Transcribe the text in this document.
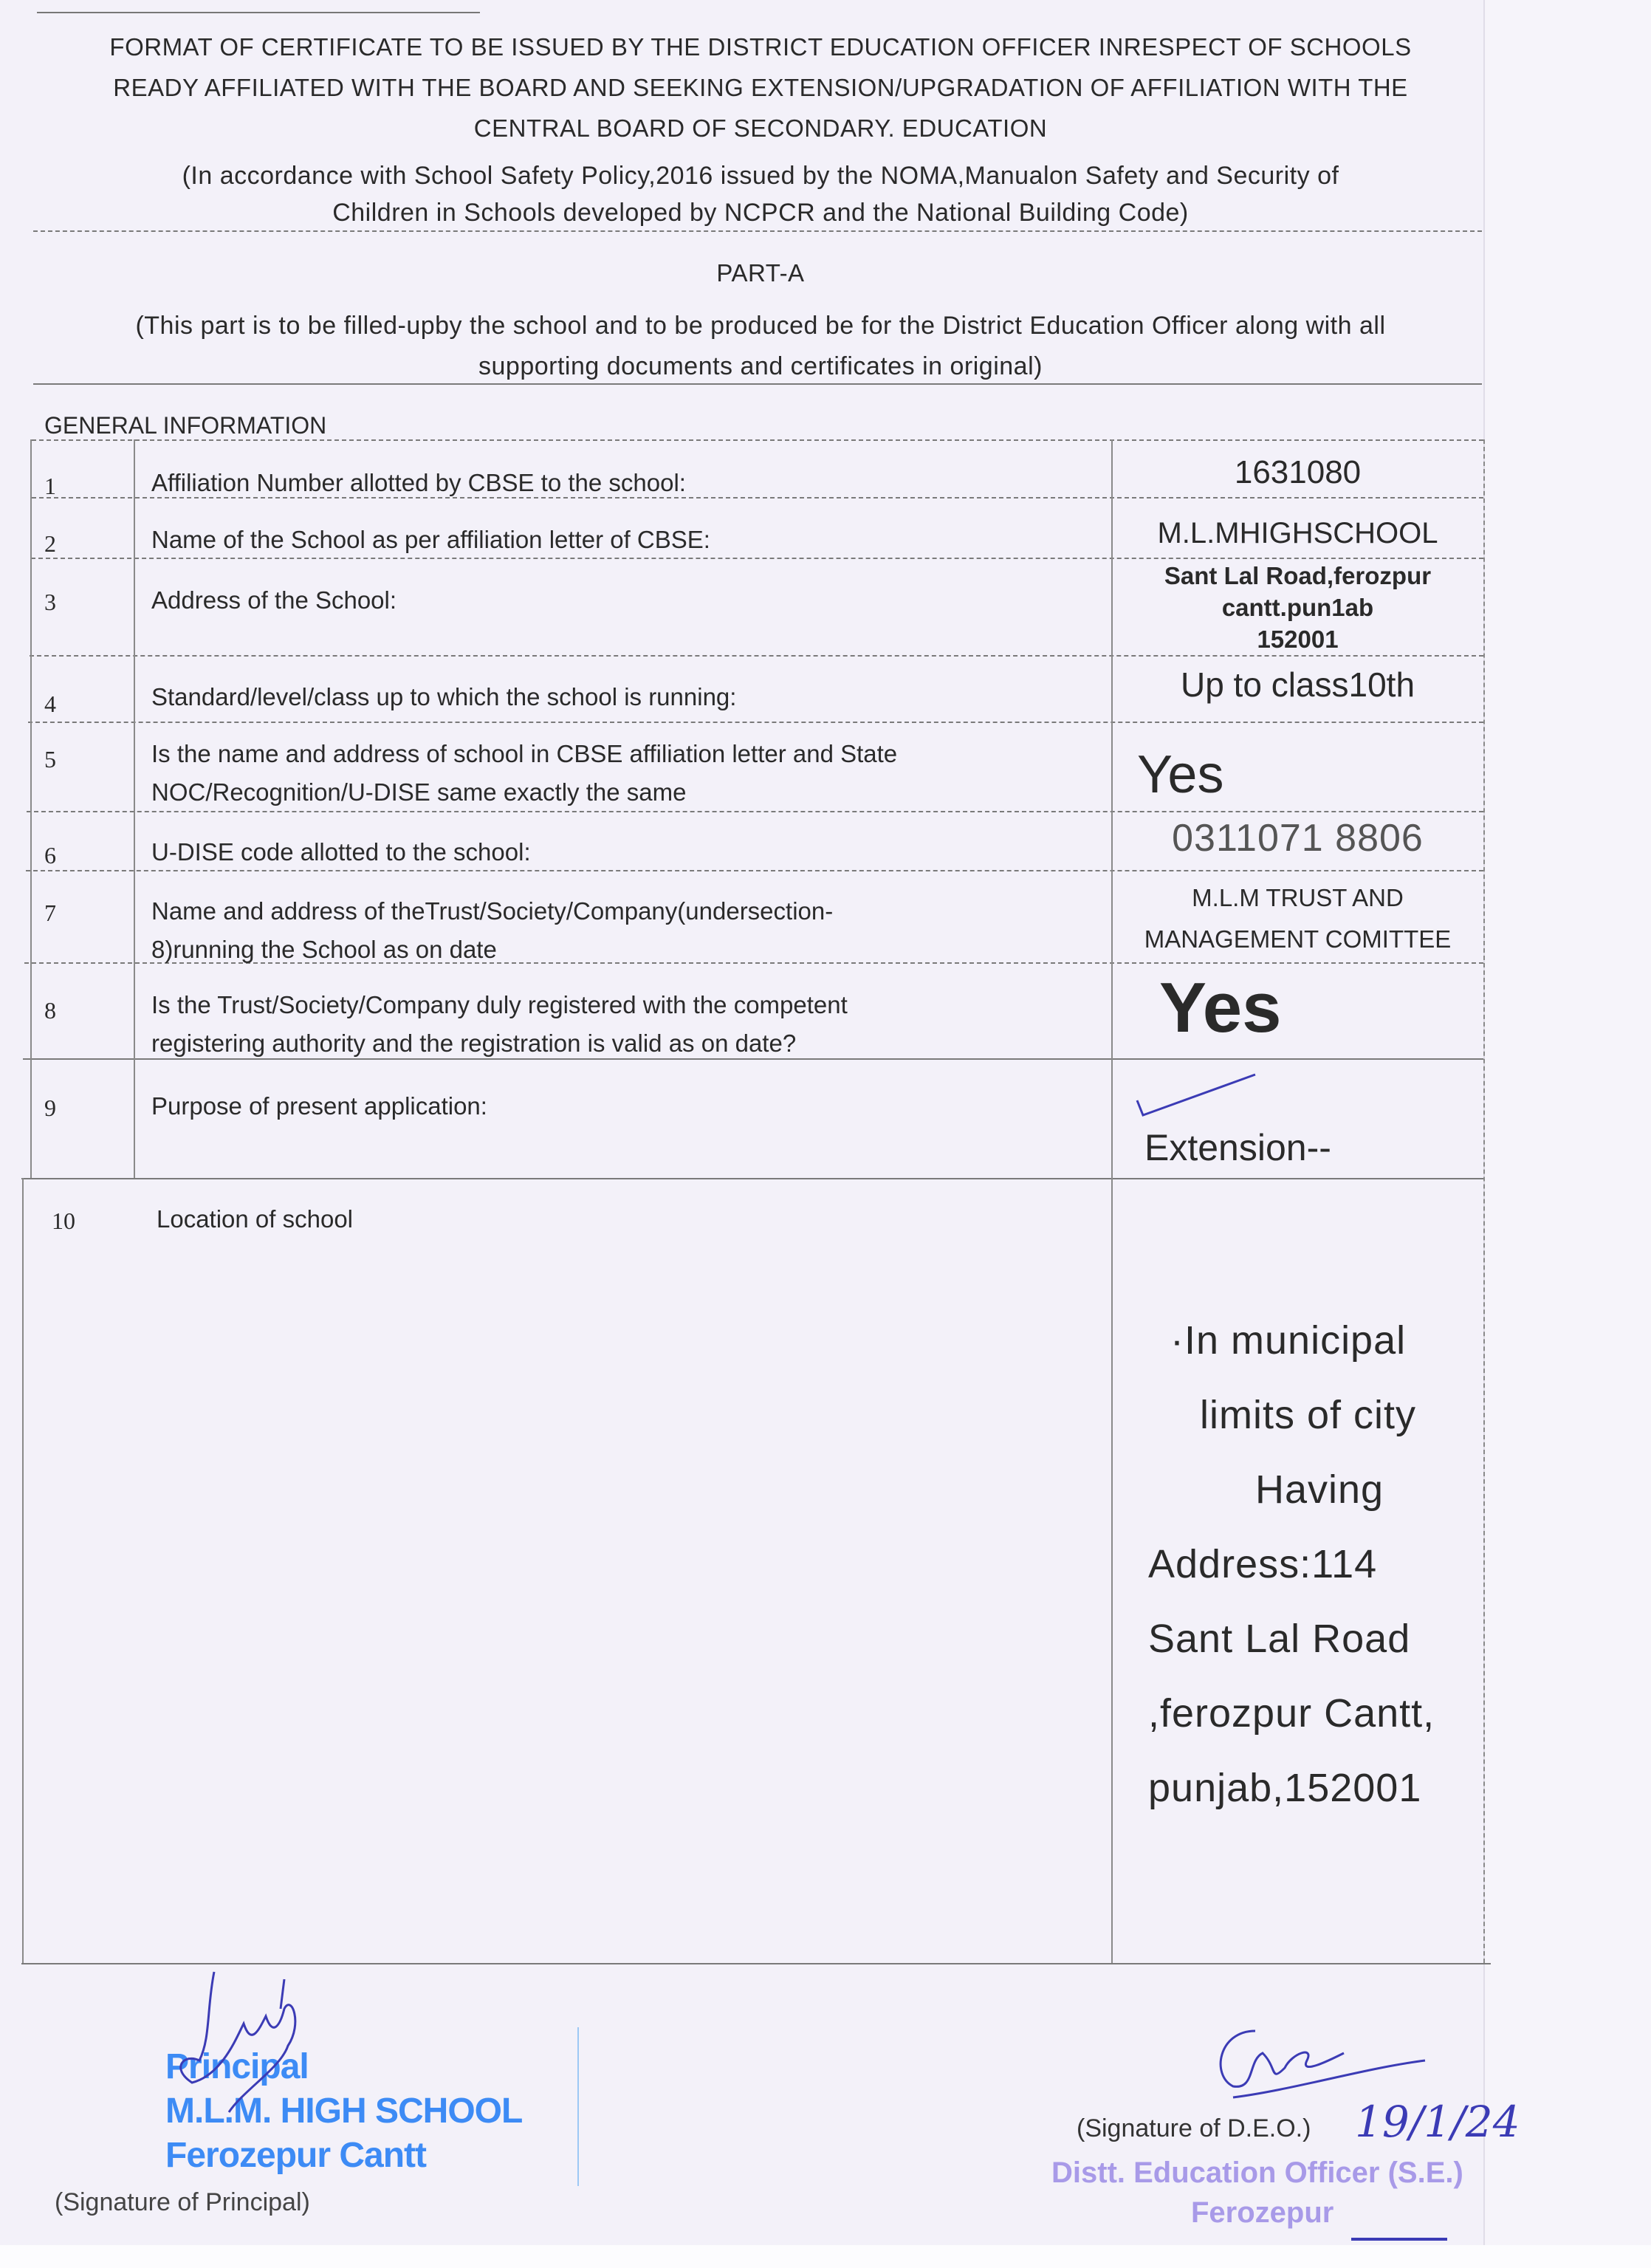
FORMAT OF CERTIFICATE TO BE ISSUED BY THE DISTRICT EDUCATION OFFICER INRESPECT OF SCHOOLS
READY AFFILIATED WITH THE BOARD AND SEEKING EXTENSION/UPGRADATION OF AFFILIATION WITH THE
CENTRAL BOARD OF SECONDARY. EDUCATION
(In accordance with School Safety Policy,2016 issued by the NOMA,Manualon Safety and Security of
Children in Schools developed by NCPCR and the National Building Code)
PART-A
(This part is to be filled-upby the school and to be produced be for the District Education Officer along with all
supporting documents and certificates in original)
GENERAL INFORMATION
1	Affiliation Number allotted by CBSE to the school:	1631080
2	Name of the School as per affiliation letter of CBSE:	M.L.MHIGHSCHOOL
3	Address of the School:
Sant Lal Road,ferozpur
cantt.pun1ab
152001
4	Standard/level/class up to which the school is running:	Up to class10th
5	Is the name and address of school in CBSE affiliation letter and State
NOC/Recognition/U-DISE same exactly the same	Yes
6	U-DISE code allotted to the school:	0311071 8806
7	Name and address of theTrust/Society/Company(undersection-
8)running the School as on date
M.L.M TRUST AND
MANAGEMENT COMITTEE
8	Is the Trust/Society/Company duly registered with the competent
registering authority and the registration is valid as on date?	Yes
9	Purpose of present application:
Extension--
10	Location of school
·In municipal
limits of city
Having
Address:114
Sant Lal Road
,ferozpur Cantt,
punjab,152001
Principal
M.L.M. HIGH SCHOOL
Ferozepur Cantt
(Signature of Principal)
(Signature of D.E.O.) 19/1/24
Distt. Education Officer (S.E.)
Ferozepur
